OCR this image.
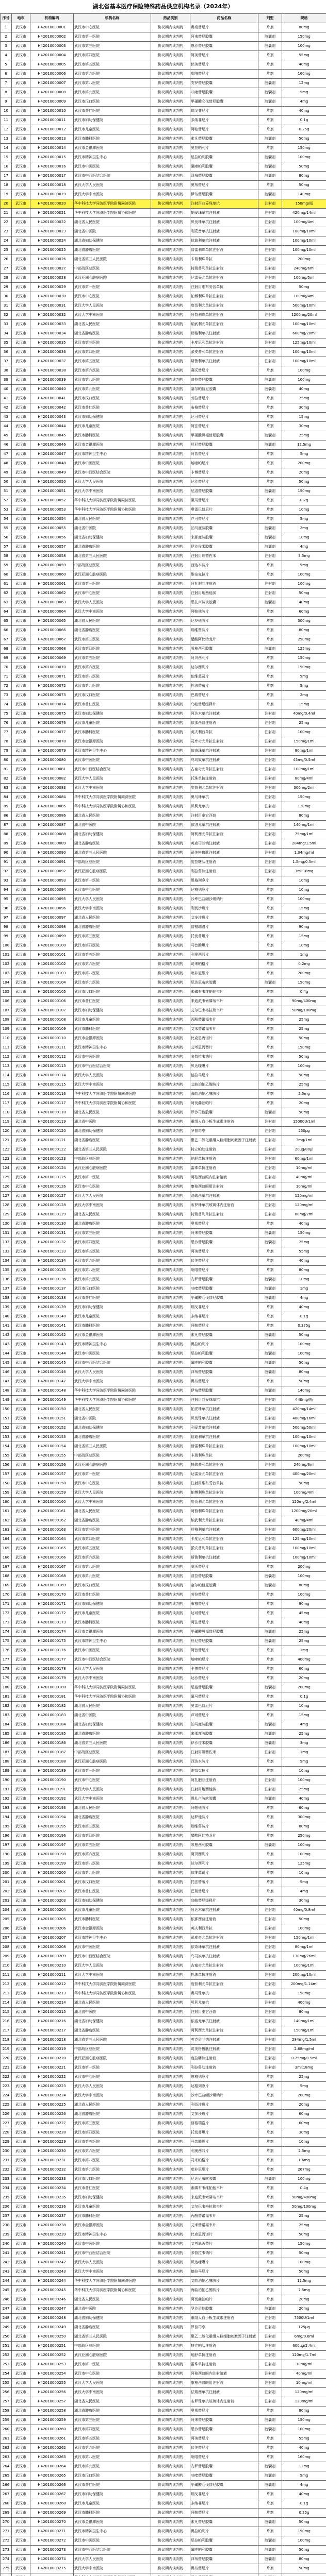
湖北省基本医疗保险特殊药品供应机构名录（2024年）
序号	地市	机构编码	机构名称	药品类别	药品名称	剂型	规格
1	武汉市	H42010000001	武汉市中心医院	协议期内谈判药	奥希替尼片	片剂	80mg
2	武汉市	H42010000002	武汉市第一医院	协议期内谈判药	阿来替尼胶囊	胶囊剂	150mg
3	武汉市	H42010000003	武汉市第三医院	协议期内谈判药	恩沙替尼胶囊	胶囊剂	100mg
4	武汉市	H42010000004	武汉市第四医院	协议期内谈判药	阿美替尼片	片剂	55mg
5	武汉市	H42010000005	武汉市第五医院	协议期内谈判药	伏美替尼片	片剂	40mg
6	武汉市	H42010000006	武汉市第六医院	协议期内谈判药	吡咯替尼片	片剂	160mg
7	武汉市	H42010000007	武汉市第八医院	协议期内谈判药	安罗替尼胶囊	胶囊剂	12mg
8	武汉市	H42010000008	武汉市第九医院	协议期内谈判药	呋喹替尼胶囊	胶囊剂	5mg
9	武汉市	H42010000009	武汉市汉口医院	协议期内谈判药	甲磺酸仑伐替尼胶囊	胶囊剂	4mg
10	武汉市	H42010000010	武汉市普仁医院	协议期内谈判药	瑞戈非尼片	片剂	40mg
11	武汉市	H42010000011	武汉市妇幼保健院	协议期内谈判药	多纳非尼片	片剂	0.1g
12	武汉市	H42010000012	武汉市儿童医院	协议期内谈判药	阿帕替尼片	片剂	0.25g
13	武汉市	H42010000013	武汉市肺科医院	协议期内谈判药	索凡替尼胶囊	胶囊剂	50mg
14	武汉市	H42010000014	武汉市金银潭医院	协议期内谈判药	奥拉帕利片	片剂	150mg
15	武汉市	H42010000015	武汉市精神卫生中心	协议期内谈判药	尼拉帕利胶囊	胶囊剂	100mg
16	武汉市	H42010000016	武汉市中医医院	协议期内谈判药	氟唑帕利胶囊	胶囊剂	50mg
17	武汉市	H42010000017	武汉市中西医结合医院	协议期内谈判药	泽布替尼胶囊	胶囊剂	80mg
18	武汉市	H42010000018	武汉大学人民医院	协议期内谈判药	奥布替尼片	片剂	50mg
19	武汉市	H42010000019	武汉大学中南医院	协议期内谈判药	伊布替尼胶囊	胶囊剂	140mg
20	武汉市	H42010000020	华中科技大学同济医学院附属同济医院	协议期内谈判药	注射用曲妥珠单抗	注射剂	150mg/瓶
21	武汉市	H42010000021	华中科技大学同济医学院附属协和医院	协议期内谈判药	帕妥珠单抗注射液	注射剂	420mg/14ml
22	武汉市	H42010000022	湖北省人民医院	协议期内谈判药	贝伐珠单抗注射液	注射剂	100mg/4ml
23	武汉市	H42010000023	湖北省中医院	协议期内谈判药	利妥昔单抗注射液	注射剂	100mg/10ml
24	武汉市	H42010000024	湖北省妇幼保健院	协议期内谈判药	信迪利单抗注射液	注射剂	100mg/10ml
25	武汉市	H42010000025	湖北省肿瘤医院	协议期内谈判药	替雷利珠单抗注射液	注射剂	100mg/10ml
26	武汉市	H42010000026	湖北省第三人民医院	协议期内谈判药	卡瑞利珠单抗	注射剂	200mg
27	武汉市	H42010000027	中部战区总医院	协议期内谈判药	特瑞普利单抗注射液	注射剂	240mg/6ml
28	武汉市	H42010000028	武汉亚洲心脏病医院	协议期内谈判药	达雷妥尤单抗注射液	注射剂	100mg/5ml
29	武汉市	H42010000029	武汉市第一医院	协议期内谈判药	注射用维布妥昔单抗	注射剂	50mg
30	武汉市	H42010000030	武汉市中心医院	协议期内谈判药	帕博利珠单抗注射液	注射剂	100mg/4ml
31	武汉市	H42010000031	武汉大学人民医院	协议期内谈判药	度伐利尤单抗注射液	注射剂	500mg/10ml
32	武汉市	H42010000032	武汉大学中南医院	协议期内谈判药	阿替利珠单抗注射液	注射剂	1200mg/20ml
33	武汉市	H42010000033	湖北省人民医院	协议期内谈判药	纳武利尤单抗注射液	注射剂	100mg/10ml
34	武汉市	H42010000034	湖北省肿瘤医院	协议期内谈判药	舒格利单抗注射液	注射剂	600mg/20ml
35	武汉市	H42010000035	武汉市第三医院	协议期内谈判药	卡度尼利单抗注射液	注射剂	125mg/10ml
36	武汉市	H42010000036	武汉市第四医院	协议期内谈判药	派安普利单抗注射液	注射剂	100mg/10ml
37	武汉市	H42010000037	武汉市第五医院	协议期内谈判药	斯鲁利单抗注射液	注射剂	100mg/10ml
38	武汉市	H42010000038	武汉市第六医院	协议期内谈判药	赛沃替尼片	片剂	100mg
39	武汉市	H42010000039	武汉市第八医院	协议期内谈判药	普拉替尼胶囊	胶囊剂	100mg
40	武汉市	H42010000040	武汉市第九医院	协议期内谈判药	塞尔帕替尼胶囊	胶囊剂	40mg
41	武汉市	H42010000041	武汉市汉口医院	协议期内谈判药	劳拉替尼片	片剂	25mg
42	武汉市	H42010000042	武汉市普仁医院	协议期内谈判药	布格替尼片	片剂	30mg
43	武汉市	H42010000043	武汉市妇幼保健院	协议期内谈判药	达可替尼片	片剂	15mg
44	武汉市	H42010000044	武汉市儿童医院	协议期内谈判药	阿法替尼片	片剂	30mg
45	武汉市	H42010000045	武汉市肺科医院	协议期内谈判药	甲磺酸贝福替尼胶囊	胶囊剂	25mg
46	武汉市	H42010000046	武汉市金银潭医院	协议期内谈判药	舒尼替尼胶囊	胶囊剂	12.5mg
47	武汉市	H42010000047	武汉市精神卫生中心	协议期内谈判药	阿昔替尼片	片剂	5mg
48	武汉市	H42010000048	武汉市中医医院	协议期内谈判药	培唑帕尼片	片剂	200mg
49	武汉市	H42010000049	武汉市中西医结合医院	协议期内谈判药	卡博替尼片	片剂	20mg
50	武汉市	H42010000050	武汉大学人民医院	协议期内谈判药	达沙替尼片	片剂	50mg
51	武汉市	H42010000051	武汉大学中南医院	协议期内谈判药	尼洛替尼胶囊	胶囊剂	150mg
52	武汉市	H42010000052	华中科技大学同济医学院附属同济医院	协议期内谈判药	氟马替尼片	片剂	0.2g
53	武汉市	H42010000053	华中科技大学同济医学院附属协和医院	协议期内谈判药	奥雷巴替尼片	片剂	10mg
54	武汉市	H42010000054	湖北省人民医院	协议期内谈判药	芦可替尼片	片剂	5mg
55	武汉市	H42010000055	湖北省中医院	协议期内谈判药	泊马度胺胶囊	胶囊剂	2mg
56	武汉市	H42010000056	湖北省妇幼保健院	协议期内谈判药	来那度胺胶囊	胶囊剂	10mg
57	武汉市	H42010000057	湖北省肿瘤医院	协议期内谈判药	伊沙佐米胶囊	胶囊剂	4mg
58	武汉市	H42010000058	湖北省第三人民医院	协议期内谈判药	注射用硼替佐米	注射剂	3.5mg
59	武汉市	H42010000059	中部战区总医院	协议期内谈判药	西达本胺片	片剂	5mg
60	武汉市	H42010000060	武汉亚洲心脏病医院	协议期内谈判药	维奈克拉片	片剂	100mg
61	武汉市	H42010000061	武汉市第一医院	协议期内谈判药	阿扎胞苷注射液	注射剂	100mg
62	武汉市	H42010000062	武汉市中心医院	协议期内谈判药	注射用地西他滨	注射剂	50mg
63	武汉市	H42010000063	武汉大学人民医院	协议期内谈判药	恩扎卢胺软胶囊	胶囊剂	40mg
64	武汉市	H42010000064	武汉大学中南医院	协议期内谈判药	阿帕他胺片	片剂	60mg
65	武汉市	H42010000065	湖北省人民医院	协议期内谈判药	达罗他胺片	片剂	300mg
66	武汉市	H42010000066	湖北省肿瘤医院	协议期内谈判药	瑞维鲁胺片	片剂	80mg
67	武汉市	H42010000067	武汉市第三医院	协议期内谈判药	醋酸阿比特龙片	片剂	250mg
68	武汉市	H42010000068	武汉市第四医院	协议期内谈判药	哌柏西利胶囊	胶囊剂	125mg
69	武汉市	H42010000069	武汉市第五医院	协议期内谈判药	阿贝西利片	片剂	150mg
70	武汉市	H42010000070	武汉市第六医院	协议期内谈判药	达尔西利片	片剂	150mg
71	武汉市	H42010000071	武汉市第八医院	协议期内谈判药	依维莫司片	片剂	5mg
72	武汉市	H42010000072	武汉市第九医院	协议期内谈判药	托法替布片	片剂	5mg
73	武汉市	H42010000073	武汉市汉口医院	协议期内谈判药	巴瑞替尼片	片剂	2mg
74	武汉市	H42010000074	武汉市普仁医院	协议期内谈判药	乌帕替尼缓释片	片剂	15mg
75	武汉市	H42010000075	武汉市妇幼保健院	协议期内谈判药	阿达木单抗注射液	注射剂	40mg/0.4ml
76	武汉市	H42010000076	武汉市儿童医院	协议期内谈判药	依那西普注射液	注射剂	25mg
77	武汉市	H42010000077	武汉市肺科医院	协议期内谈判药	英夫利西单抗	注射剂	100mg
78	武汉市	H42010000078	武汉市金银潭医院	协议期内谈判药	司库奇尤单抗注射液	注射剂	150mg/1ml
79	武汉市	H42010000079	武汉市精神卫生中心	协议期内谈判药	依奇珠单抗注射液	注射剂	80mg/1ml
80	武汉市	H42010000080	武汉市中医医院	协议期内谈判药	乌司奴单抗注射液	注射剂	45mg/0.5ml
81	武汉市	H42010000081	武汉市中西医结合医院	协议期内谈判药	古塞奇尤单抗注射液	注射剂	100mg/1ml
82	武汉市	H42010000082	武汉大学人民医院	协议期内谈判药	托珠单抗注射液	注射剂	80mg/4ml
83	武汉市	H42010000083	武汉大学中南医院	协议期内谈判药	度普利尤单抗注射液	注射剂	300mg/2ml
84	武汉市	H42010000084	华中科技大学同济医学院附属同济医院	协议期内谈判药	奥马珠单抗	注射剂	150mg
85	武汉市	H42010000085	华中科技大学同济医学院附属协和医院	协议期内谈判药	贝利尤单抗	注射剂	120mg
86	武汉市	H42010000086	湖北省人民医院	协议期内谈判药	注射用泰它西普	注射剂	80mg
87	武汉市	H42010000087	湖北省中医院	协议期内谈判药	依洛尤单抗注射液	注射剂	140mg/1ml
88	武汉市	H42010000088	湖北省妇幼保健院	协议期内谈判药	阿利西尤单抗注射液	注射剂	75mg/1ml
89	武汉市	H42010000089	湖北省肿瘤医院	协议期内谈判药	英克司兰钠注射液	注射剂	284mg/1.5ml
90	武汉市	H42010000090	湖北省第三人民医院	协议期内谈判药	司美格鲁肽注射液	注射剂	1.34mg/ml
91	武汉市	H42010000091	中部战区总医院	协议期内谈判药	度拉糖肽注射液	注射剂	1.5mg/0.5ml
92	武汉市	H42010000092	武汉亚洲心脏病医院	协议期内谈判药	利拉鲁肽注射液	注射剂	3ml:18mg
93	武汉市	H42010000093	武汉市第一医院	协议期内谈判药	恩格列净片	片剂	10mg
94	武汉市	H42010000094	武汉市中心医院	协议期内谈判药	达格列净片	片剂	10mg
95	武汉市	H42010000095	武汉大学人民医院	协议期内谈判药	沙库巴曲缬沙坦钠片	片剂	100mg
96	武汉市	H42010000096	武汉大学中南医院	协议期内谈判药	利伐沙班片	片剂	15mg
97	武汉市	H42010000097	湖北省人民医院	协议期内谈判药	艾多沙班片	片剂	30mg
98	武汉市	H42010000098	湖北省肿瘤医院	协议期内谈判药	替格瑞洛片	片剂	90mg
99	武汉市	H42010000099	武汉市第三医院	协议期内谈判药	托伐普坦片	片剂	15mg
100	武汉市	H42010000100	武汉市第四医院	协议期内谈判药	马昔腾坦片	片剂	10mg
101	武汉市	H42010000101	武汉市第五医院	协议期内谈判药	利奥西呱片	片剂	1mg
102	武汉市	H42010000102	武汉市第六医院	协议期内谈判药	司来帕格片	片剂	0.2mg
103	武汉市	H42010000103	武汉市第八医院	协议期内谈判药	吡非尼酮片	片剂	200mg
104	武汉市	H42010000104	武汉市第九医院	协议期内谈判药	尼达尼布软胶囊	胶囊剂	150mg
105	武汉市	H42010000105	武汉市汉口医院	协议期内谈判药	索磷布韦维帕他韦片	片剂	0.4g
106	武汉市	H42010000106	武汉市普仁医院	协议期内谈判药	来迪派韦索磷布韦片	片剂	90mg/400mg
107	武汉市	H42010000107	武汉市妇幼保健院	协议期内谈判药	艾尔巴韦格拉瑞韦片	片剂	50mg/100mg
108	武汉市	H42010000108	武汉市儿童医院	协议期内谈判药	丙酚替诺福韦片	片剂	25mg
109	武汉市	H42010000109	武汉市肺科医院	协议期内谈判药	艾米替诺福韦片	片剂	25mg
110	武汉市	H42010000110	武汉市金银潭医院	协议期内谈判药	比克恩丙诺片	片剂	50mg
111	武汉市	H42010000111	武汉市精神卫生中心	协议期内谈判药	艾考恩丙替片	片剂	150mg
112	武汉市	H42010000112	武汉市中医医院	协议期内谈判药	多替拉韦钠片	片剂	50mg
113	武汉市	H42010000113	武汉市中西医结合医院	协议期内谈判药	贝达喹啉片	片剂	100mg
114	武汉市	H42010000114	武汉大学人民医院	协议期内谈判药	德拉马尼片	片剂	50mg
115	武汉市	H42010000115	武汉大学中南医院	协议期内谈判药	艾曲泊帕乙醇胺片	片剂	25mg
116	武汉市	H42010000116	华中科技大学同济医学院附属同济医院	协议期内谈判药	海曲泊帕乙醇胺片	片剂	2.5mg
117	武汉市	H42010000117	华中科技大学同济医学院附属协和医院	协议期内谈判药	阿伐曲泊帕片	片剂	20mg
118	武汉市	H42010000118	湖北省人民医院	协议期内谈判药	罗沙司他胶囊	胶囊剂	50mg
119	武汉市	H42010000119	湖北省中医院	协议期内谈判药	重组人血小板生成素注射液	注射剂	15000U/1ml
120	武汉市	H42010000120	湖北省妇幼保健院	协议期内谈判药	罗普司亭	注射剂	250μg
121	武汉市	H42010000121	湖北省肿瘤医院	协议期内谈判药	聚乙二醇化重组人粒细胞刺激因子注射液	注射剂	3mg/1ml
122	武汉市	H42010000122	湖北省第三人民医院	协议期内谈判药	特立帕肽注射液	注射剂	20μg/80μl
123	武汉市	H42010000123	中部战区总医院	协议期内谈判药	地舒单抗注射液	注射剂	60mg/1ml
124	武汉市	H42010000124	武汉亚洲心脏病医院	协议期内谈判药	雷珠单抗注射液	注射剂	10mg/ml
125	武汉市	H42010000125	武汉市第一医院	协议期内谈判药	阿柏西普眼内注射溶液	注射剂	40mg/ml
126	武汉市	H42010000126	武汉市中心医院	协议期内谈判药	康柏西普眼用注射液	注射剂	10mg/ml
127	武汉市	H42010000127	武汉大学人民医院	协议期内谈判药	法瑞西单抗注射液	注射剂	120mg/ml
128	武汉市	H42010000128	武汉大学中南医院	协议期内谈判药	布罗珠单抗玻璃体内注射液	注射剂	120mg/ml
129	武汉市	H42010000129	湖北省人民医院	协议期内谈判药	特瑞普利单抗注射液	注射剂	80mg/2ml
130	武汉市	H42010000130	湖北省肿瘤医院	协议期内谈判药	奥希替尼片	片剂	40mg
131	武汉市	H42010000131	武汉市第三医院	协议期内谈判药	阿来替尼胶囊	胶囊剂	150mg
132	武汉市	H42010000132	武汉市第四医院	协议期内谈判药	恩沙替尼胶囊	胶囊剂	25mg
133	武汉市	H42010000133	武汉市第五医院	协议期内谈判药	阿美替尼片	片剂	55mg
134	武汉市	H42010000134	武汉市第六医院	协议期内谈判药	伏美替尼片	片剂	40mg
135	武汉市	H42010000135	武汉市第八医院	协议期内谈判药	吡咯替尼片	片剂	80mg
136	武汉市	H42010000136	武汉市第九医院	协议期内谈判药	安罗替尼胶囊	胶囊剂	10mg
137	武汉市	H42010000137	武汉市汉口医院	协议期内谈判药	呋喹替尼胶囊	胶囊剂	1mg
138	武汉市	H42010000138	武汉市普仁医院	协议期内谈判药	甲磺酸仑伐替尼胶囊	胶囊剂	4mg
139	武汉市	H42010000139	武汉市妇幼保健院	协议期内谈判药	瑞戈非尼片	片剂	40mg
140	武汉市	H42010000140	武汉市儿童医院	协议期内谈判药	多纳非尼片	片剂	0.1g
141	武汉市	H42010000141	武汉市肺科医院	协议期内谈判药	阿帕替尼片	片剂	0.375g
142	武汉市	H42010000142	武汉市金银潭医院	协议期内谈判药	索凡替尼胶囊	胶囊剂	50mg
143	武汉市	H42010000143	武汉市精神卫生中心	协议期内谈判药	奥拉帕利片	片剂	100mg
144	武汉市	H42010000144	武汉市中医医院	协议期内谈判药	尼拉帕利胶囊	胶囊剂	100mg
145	武汉市	H42010000145	武汉市中西医结合医院	协议期内谈判药	氟唑帕利胶囊	胶囊剂	50mg
146	武汉市	H42010000146	武汉大学人民医院	协议期内谈判药	泽布替尼胶囊	胶囊剂	80mg
147	武汉市	H42010000147	武汉大学中南医院	协议期内谈判药	奥布替尼片	片剂	50mg
148	武汉市	H42010000148	华中科技大学同济医学院附属同济医院	协议期内谈判药	伊布替尼胶囊	胶囊剂	140mg
149	武汉市	H42010000149	华中科技大学同济医学院附属协和医院	协议期内谈判药	注射用曲妥珠单抗	注射剂	440mg/瓶
150	武汉市	H42010000150	湖北省人民医院	协议期内谈判药	帕妥珠单抗注射液	注射剂	420mg/14ml
151	武汉市	H42010000151	湖北省中医院	协议期内谈判药	贝伐珠单抗注射液	注射剂	400mg/16ml
152	武汉市	H42010000152	湖北省妇幼保健院	协议期内谈判药	利妥昔单抗注射液	注射剂	500mg/50ml
153	武汉市	H42010000153	湖北省肿瘤医院	协议期内谈判药	信迪利单抗注射液	注射剂	100mg/10ml
154	武汉市	H42010000154	湖北省第三人民医院	协议期内谈判药	替雷利珠单抗注射液	注射剂	100mg/10ml
155	武汉市	H42010000155	中部战区总医院	协议期内谈判药	卡瑞利珠单抗	注射剂	200mg
156	武汉市	H42010000156	武汉亚洲心脏病医院	协议期内谈判药	特瑞普利单抗注射液	注射剂	240mg/6ml
157	武汉市	H42010000157	武汉市第一医院	协议期内谈判药	达雷妥尤单抗注射液	注射剂	400mg/20ml
158	武汉市	H42010000158	武汉市中心医院	协议期内谈判药	注射用维布妥昔单抗	注射剂	50mg
159	武汉市	H42010000159	武汉大学人民医院	协议期内谈判药	帕博利珠单抗注射液	注射剂	100mg/4ml
160	武汉市	H42010000160	武汉大学中南医院	协议期内谈判药	度伐利尤单抗注射液	注射剂	120mg/2.4ml
161	武汉市	H42010000161	湖北省人民医院	协议期内谈判药	阿替利珠单抗注射液	注射剂	1200mg/20ml
162	武汉市	H42010000162	湖北省肿瘤医院	协议期内谈判药	纳武利尤单抗注射液	注射剂	40mg/4ml
163	武汉市	H42010000163	武汉市第三医院	协议期内谈判药	舒格利单抗注射液	注射剂	600mg/20ml
164	武汉市	H42010000164	武汉市第四医院	协议期内谈判药	卡度尼利单抗注射液	注射剂	125mg/10ml
165	武汉市	H42010000165	武汉市第五医院	协议期内谈判药	派安普利单抗注射液	注射剂	100mg/10ml
166	武汉市	H42010000166	武汉市第六医院	协议期内谈判药	斯鲁利单抗注射液	注射剂	100mg/10ml
167	武汉市	H42010000167	武汉市第八医院	协议期内谈判药	赛沃替尼片	片剂	200mg
168	武汉市	H42010000168	武汉市第九医院	协议期内谈判药	普拉替尼胶囊	胶囊剂	100mg
169	武汉市	H42010000169	武汉市汉口医院	协议期内谈判药	塞尔帕替尼胶囊	胶囊剂	80mg
170	武汉市	H42010000170	武汉市普仁医院	协议期内谈判药	劳拉替尼片	片剂	100mg
171	武汉市	H42010000171	武汉市妇幼保健院	协议期内谈判药	布格替尼片	片剂	90mg
172	武汉市	H42010000172	武汉市儿童医院	协议期内谈判药	达可替尼片	片剂	45mg
173	武汉市	H42010000173	武汉市肺科医院	协议期内谈判药	阿法替尼片	片剂	40mg
174	武汉市	H42010000174	武汉市金银潭医院	协议期内谈判药	甲磺酸贝福替尼胶囊	胶囊剂	25mg
175	武汉市	H42010000175	武汉市精神卫生中心	协议期内谈判药	舒尼替尼胶囊	胶囊剂	25mg
176	武汉市	H42010000176	武汉市中医医院	协议期内谈判药	阿昔替尼片	片剂	1mg
177	武汉市	H42010000177	武汉市中西医结合医院	协议期内谈判药	培唑帕尼片	片剂	400mg
178	武汉市	H42010000178	武汉大学人民医院	协议期内谈判药	卡博替尼片	片剂	60mg
179	武汉市	H42010000179	武汉大学中南医院	协议期内谈判药	达沙替尼片	片剂	20mg
180	武汉市	H42010000180	华中科技大学同济医学院附属同济医院	协议期内谈判药	尼洛替尼胶囊	胶囊剂	200mg
181	武汉市	H42010000181	华中科技大学同济医学院附属协和医院	协议期内谈判药	氟马替尼片	片剂	0.1g
182	武汉市	H42010000182	湖北省人民医院	协议期内谈判药	奥雷巴替尼片	片剂	10mg
183	武汉市	H42010000183	湖北省中医院	协议期内谈判药	芦可替尼片	片剂	15mg
184	武汉市	H42010000184	湖北省妇幼保健院	协议期内谈判药	泊马度胺胶囊	胶囊剂	4mg
185	武汉市	H42010000185	湖北省肿瘤医院	协议期内谈判药	来那度胺胶囊	胶囊剂	25mg
186	武汉市	H42010000186	湖北省第三人民医院	协议期内谈判药	伊沙佐米胶囊	胶囊剂	3mg
187	武汉市	H42010000187	中部战区总医院	协议期内谈判药	注射用硼替佐米	注射剂	1mg
188	武汉市	H42010000188	武汉亚洲心脏病医院	协议期内谈判药	西达本胺片	片剂	5mg
189	武汉市	H42010000189	武汉市第一医院	协议期内谈判药	维奈克拉片	片剂	10mg
190	武汉市	H42010000190	武汉市中心医院	协议期内谈判药	阿扎胞苷注射液	注射剂	100mg
191	武汉市	H42010000191	武汉大学人民医院	协议期内谈判药	注射用地西他滨	注射剂	25mg
192	武汉市	H42010000192	武汉大学中南医院	协议期内谈判药	恩扎卢胺软胶囊	胶囊剂	40mg
193	武汉市	H42010000193	湖北省人民医院	协议期内谈判药	阿帕他胺片	片剂	60mg
194	武汉市	H42010000194	湖北省肿瘤医院	协议期内谈判药	达罗他胺片	片剂	300mg
195	武汉市	H42010000195	武汉市第三医院	协议期内谈判药	瑞维鲁胺片	片剂	80mg
196	武汉市	H42010000196	武汉市第四医院	协议期内谈判药	醋酸阿比特龙片	片剂	250mg
197	武汉市	H42010000197	武汉市第五医院	协议期内谈判药	哌柏西利胶囊	胶囊剂	100mg
198	武汉市	H42010000198	武汉市第六医院	协议期内谈判药	阿贝西利片	片剂	100mg
199	武汉市	H42010000199	武汉市第八医院	协议期内谈判药	达尔西利片	片剂	125mg
200	武汉市	H42010000200	武汉市第九医院	协议期内谈判药	依维莫司片	片剂	10mg
201	武汉市	H42010000201	武汉市汉口医院	协议期内谈判药	托法替布片	片剂	5mg
202	武汉市	H42010000202	武汉市普仁医院	协议期内谈判药	巴瑞替尼片	片剂	4mg
203	武汉市	H42010000203	武汉市妇幼保健院	协议期内谈判药	乌帕替尼缓释片	片剂	30mg
204	武汉市	H42010000204	武汉市儿童医院	协议期内谈判药	阿达木单抗注射液	注射剂	40mg/0.8ml
205	武汉市	H42010000205	武汉市肺科医院	协议期内谈判药	依那西普注射液	注射剂	50mg
206	武汉市	H42010000206	武汉市金银潭医院	协议期内谈判药	英夫利西单抗	注射剂	100mg
207	武汉市	H42010000207	武汉市精神卫生中心	协议期内谈判药	司库奇尤单抗注射液	注射剂	150mg/1ml
208	武汉市	H42010000208	武汉市中医医院	协议期内谈判药	依奇珠单抗注射液	注射剂	80mg/1ml
209	武汉市	H42010000209	武汉市中西医结合医院	协议期内谈判药	乌司奴单抗注射液	注射剂	130mg/26ml
210	武汉市	H42010000210	武汉大学人民医院	协议期内谈判药	古塞奇尤单抗注射液	注射剂	100mg/1ml
211	武汉市	H42010000211	武汉大学中南医院	协议期内谈判药	托珠单抗注射液	注射剂	200mg/10ml
212	武汉市	H42010000212	华中科技大学同济医学院附属同济医院	协议期内谈判药	度普利尤单抗注射液	注射剂	200mg/1.14ml
213	武汉市	H42010000213	华中科技大学同济医学院附属协和医院	协议期内谈判药	奥马珠单抗	注射剂	150mg
214	武汉市	H42010000214	湖北省人民医院	协议期内谈判药	贝利尤单抗	注射剂	400mg
215	武汉市	H42010000215	湖北省中医院	协议期内谈判药	注射用泰它西普	注射剂	80mg
216	武汉市	H42010000216	湖北省妇幼保健院	协议期内谈判药	依洛尤单抗注射液	注射剂	140mg/1ml
217	武汉市	H42010000217	湖北省肿瘤医院	协议期内谈判药	阿利西尤单抗注射液	注射剂	150mg/1ml
218	武汉市	H42010000218	湖北省第三人民医院	协议期内谈判药	英克司兰钠注射液	注射剂	284mg/1.5ml
219	武汉市	H42010000219	中部战区总医院	协议期内谈判药	司美格鲁肽注射液	注射剂	2.68mg/ml
220	武汉市	H42010000220	武汉亚洲心脏病医院	协议期内谈判药	度拉糖肽注射液	注射剂	0.75mg/0.5ml
221	武汉市	H42010000221	武汉市第一医院	协议期内谈判药	利拉鲁肽注射液	注射剂	3ml:18mg
222	武汉市	H42010000222	武汉市中心医院	协议期内谈判药	恩格列净片	片剂	25mg
223	武汉市	H42010000223	武汉大学人民医院	协议期内谈判药	达格列净片	片剂	5mg
224	武汉市	H42010000224	武汉大学中南医院	协议期内谈判药	沙库巴曲缬沙坦钠片	片剂	200mg
225	武汉市	H42010000225	湖北省人民医院	协议期内谈判药	利伐沙班片	片剂	20mg
226	武汉市	H42010000226	湖北省肿瘤医院	协议期内谈判药	艾多沙班片	片剂	60mg
227	武汉市	H42010000227	武汉市第三医院	协议期内谈判药	替格瑞洛片	片剂	60mg
228	武汉市	H42010000228	武汉市第四医院	协议期内谈判药	托伐普坦片	片剂	30mg
229	武汉市	H42010000229	武汉市第五医院	协议期内谈判药	马昔腾坦片	片剂	10mg
230	武汉市	H42010000230	武汉市第六医院	协议期内谈判药	利奥西呱片	片剂	2.5mg
231	武汉市	H42010000231	武汉市第八医院	协议期内谈判药	司来帕格片	片剂	1.6mg
232	武汉市	H42010000232	武汉市第九医院	协议期内谈判药	吡非尼酮片	片剂	267mg
233	武汉市	H42010000233	武汉市汉口医院	协议期内谈判药	尼达尼布软胶囊	胶囊剂	100mg
234	武汉市	H42010000234	武汉市普仁医院	协议期内谈判药	索磷布韦维帕他韦片	片剂	0.4g
235	武汉市	H42010000235	武汉市妇幼保健院	协议期内谈判药	来迪派韦索磷布韦片	片剂	90mg/400mg
236	武汉市	H42010000236	武汉市儿童医院	协议期内谈判药	艾尔巴韦格拉瑞韦片	片剂	50mg/100mg
237	武汉市	H42010000237	武汉市肺科医院	协议期内谈判药	丙酚替诺福韦片	片剂	25mg
238	武汉市	H42010000238	武汉市金银潭医院	协议期内谈判药	艾米替诺福韦片	片剂	25mg
239	武汉市	H42010000239	武汉市精神卫生中心	协议期内谈判药	比克恩丙诺片	片剂	50mg
240	武汉市	H42010000240	武汉市中医医院	协议期内谈判药	艾考恩丙替片	片剂	150mg
241	武汉市	H42010000241	武汉市中西医结合医院	协议期内谈判药	多替拉韦钠片	片剂	50mg
242	武汉市	H42010000242	武汉大学人民医院	协议期内谈判药	贝达喹啉片	片剂	100mg
243	武汉市	H42010000243	武汉大学中南医院	协议期内谈判药	德拉马尼片	片剂	50mg
244	武汉市	H42010000244	华中科技大学同济医学院附属同济医院	协议期内谈判药	艾曲泊帕乙醇胺片	片剂	12.5mg
245	武汉市	H42010000245	华中科技大学同济医学院附属协和医院	协议期内谈判药	海曲泊帕乙醇胺片	片剂	7.5mg
246	武汉市	H42010000246	湖北省人民医院	协议期内谈判药	阿伐曲泊帕片	片剂	20mg
247	武汉市	H42010000247	湖北省中医院	协议期内谈判药	罗沙司他胶囊	胶囊剂	20mg
248	武汉市	H42010000248	湖北省妇幼保健院	协议期内谈判药	重组人血小板生成素注射液	注射剂	7500U/1ml
249	武汉市	H42010000249	湖北省肿瘤医院	协议期内谈判药	罗普司亭	注射剂	125μg
250	武汉市	H42010000250	湖北省第三人民医院	协议期内谈判药	聚乙二醇化重组人粒细胞刺激因子注射液	注射剂	6mg/0.6ml
251	武汉市	H42010000251	中部战区总医院	协议期内谈判药	特立帕肽注射液	注射剂	600μg/2.4ml
252	武汉市	H42010000252	武汉亚洲心脏病医院	协议期内谈判药	地舒单抗注射液	注射剂	120mg/1.7ml
253	武汉市	H42010000253	武汉市第一医院	协议期内谈判药	雷珠单抗注射液	注射剂	10mg/ml
254	武汉市	H42010000254	武汉市中心医院	协议期内谈判药	阿柏西普眼内注射溶液	注射剂	40mg/ml
255	武汉市	H42010000255	武汉大学人民医院	协议期内谈判药	康柏西普眼用注射液	注射剂	10mg/ml
256	武汉市	H42010000256	武汉大学中南医院	协议期内谈判药	法瑞西单抗注射液	注射剂	120mg/ml
257	武汉市	H42010000257	湖北省人民医院	协议期内谈判药	布罗珠单抗玻璃体内注射液	注射剂	120mg/ml
258	武汉市	H42010000258	湖北省肿瘤医院	协议期内谈判药	奥希替尼片	片剂	80mg
259	武汉市	H42010000259	武汉市第三医院	协议期内谈判药	阿来替尼胶囊	胶囊剂	150mg
260	武汉市	H42010000260	武汉市第四医院	协议期内谈判药	恩沙替尼胶囊	胶囊剂	100mg
261	武汉市	H42010000261	武汉市第五医院	协议期内谈判药	阿美替尼片	片剂	55mg
262	武汉市	H42010000262	武汉市第六医院	协议期内谈判药	伏美替尼片	片剂	40mg
263	武汉市	H42010000263	武汉市第八医院	协议期内谈判药	吡咯替尼片	片剂	160mg
264	武汉市	H42010000264	武汉市第九医院	协议期内谈判药	安罗替尼胶囊	胶囊剂	12mg
265	武汉市	H42010000265	武汉市汉口医院	协议期内谈判药	呋喹替尼胶囊	胶囊剂	5mg
266	武汉市	H42010000266	武汉市普仁医院	协议期内谈判药	甲磺酸仑伐替尼胶囊	胶囊剂	4mg
267	武汉市	H42010000267	武汉市妇幼保健院	协议期内谈判药	瑞戈非尼片	片剂	40mg
268	武汉市	H42010000268	武汉市儿童医院	协议期内谈判药	多纳非尼片	片剂	0.1g
269	武汉市	H42010000269	武汉市肺科医院	协议期内谈判药	阿帕替尼片	片剂	0.25g
270	武汉市	H42010000270	武汉市金银潭医院	协议期内谈判药	索凡替尼胶囊	胶囊剂	50mg
271	武汉市	H42010000271	武汉市精神卫生中心	协议期内谈判药	奥拉帕利片	片剂	150mg
272	武汉市	H42010000272	武汉市中医医院	协议期内谈判药	尼拉帕利胶囊	胶囊剂	100mg
273	武汉市	H42010000273	武汉市中西医结合医院	协议期内谈判药	氟唑帕利胶囊	胶囊剂	50mg
274	武汉市	H42010000274	武汉大学人民医院	协议期内谈判药	泽布替尼胶囊	胶囊剂	80mg
275	武汉市	H42010000275	武汉大学中南医院	协议期内谈判药	奥布替尼片	片剂	50mg
